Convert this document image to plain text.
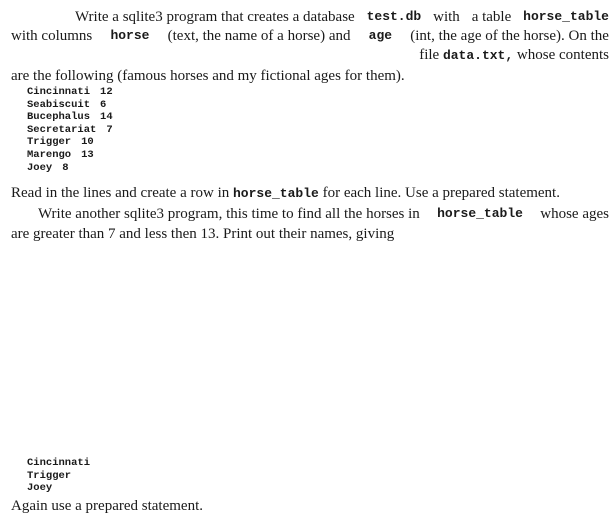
Write a sqlite3 program that creates a database test.db with a table horse_table
with columns horse (text, the name of a horse) and age (int, the age of the horse). On the
file data.txt, whose contents
are the following (famous horses and my fictional ages for them).
Cincinnati 12
Seabiscuit 6
Bucephalus 14
Secretariat 7
Trigger 10
Marengo 13
Joey 8
Read in the lines and create a row in horse_table for each line. Use a prepared statement.
Write another sqlite3 program, this time to find all the horses in horse_table whose ages
are greater than 7 and less then 13. Print out their names, giving
Cincinnati
Trigger
Joey
Again use a prepared statement.
